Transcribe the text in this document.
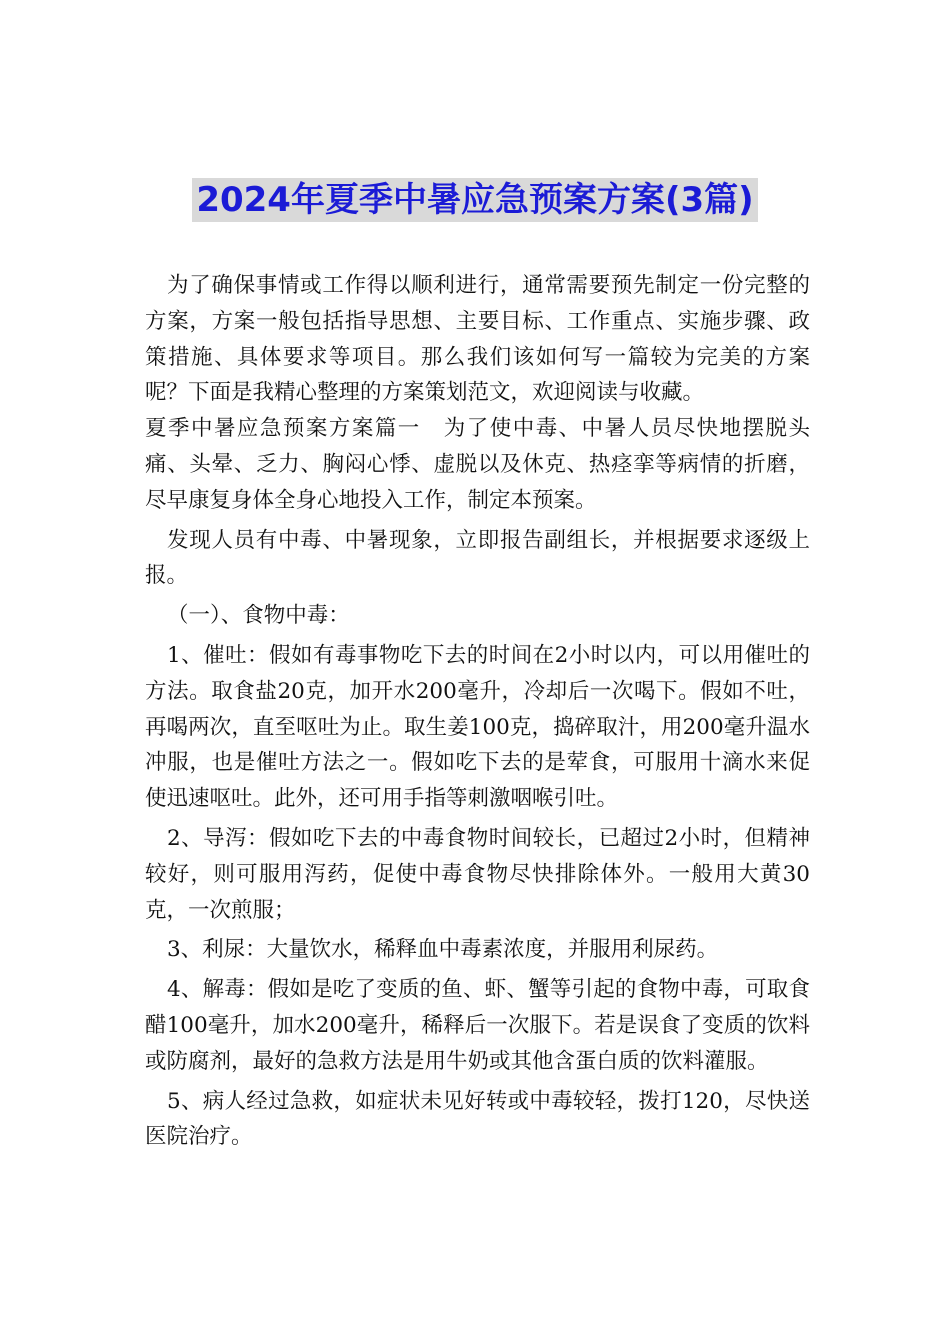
2024年夏季中暑应急预案方案(3篇)

为了确保事情或工作得以顺利进行，通常需要预先制定一份完整的方案，方案一般包括指导思想、主要目标、工作重点、实施步骤、政策措施、具体要求等项目。那么我们该如何写一篇较为完美的方案呢？下面是我精心整理的方案策划范文，欢迎阅读与收藏。

夏季中暑应急预案方案篇一　为了使中毒、中暑人员尽快地摆脱头痛、头晕、乏力、胸闷心悸、虚脱以及休克、热痉挛等病情的折磨，尽早康复身体全身心地投入工作，制定本预案。

发现人员有中毒、中暑现象，立即报告副组长，并根据要求逐级上报。

（一）、食物中毒：

1、催吐：假如有毒事物吃下去的时间在2小时以内，可以用催吐的方法。取食盐20克，加开水200毫升，冷却后一次喝下。假如不吐，再喝两次，直至呕吐为止。取生姜100克，捣碎取汁，用200毫升温水冲服，也是催吐方法之一。假如吃下去的是荤食，可服用十滴水来促使迅速呕吐。此外，还可用手指等刺激咽喉引吐。

2、导泻：假如吃下去的中毒食物时间较长，已超过2小时，但精神较好，则可服用泻药，促使中毒食物尽快排除体外。一般用大黄30克，一次煎服；

3、利尿：大量饮水，稀释血中毒素浓度，并服用利尿药。

4、解毒：假如是吃了变质的鱼、虾、蟹等引起的食物中毒，可取食醋100毫升，加水200毫升，稀释后一次服下。若是误食了变质的饮料或防腐剂，最好的急救方法是用牛奶或其他含蛋白质的饮料灌服。

5、病人经过急救，如症状未见好转或中毒较轻，拨打120，尽快送医院治疗。
